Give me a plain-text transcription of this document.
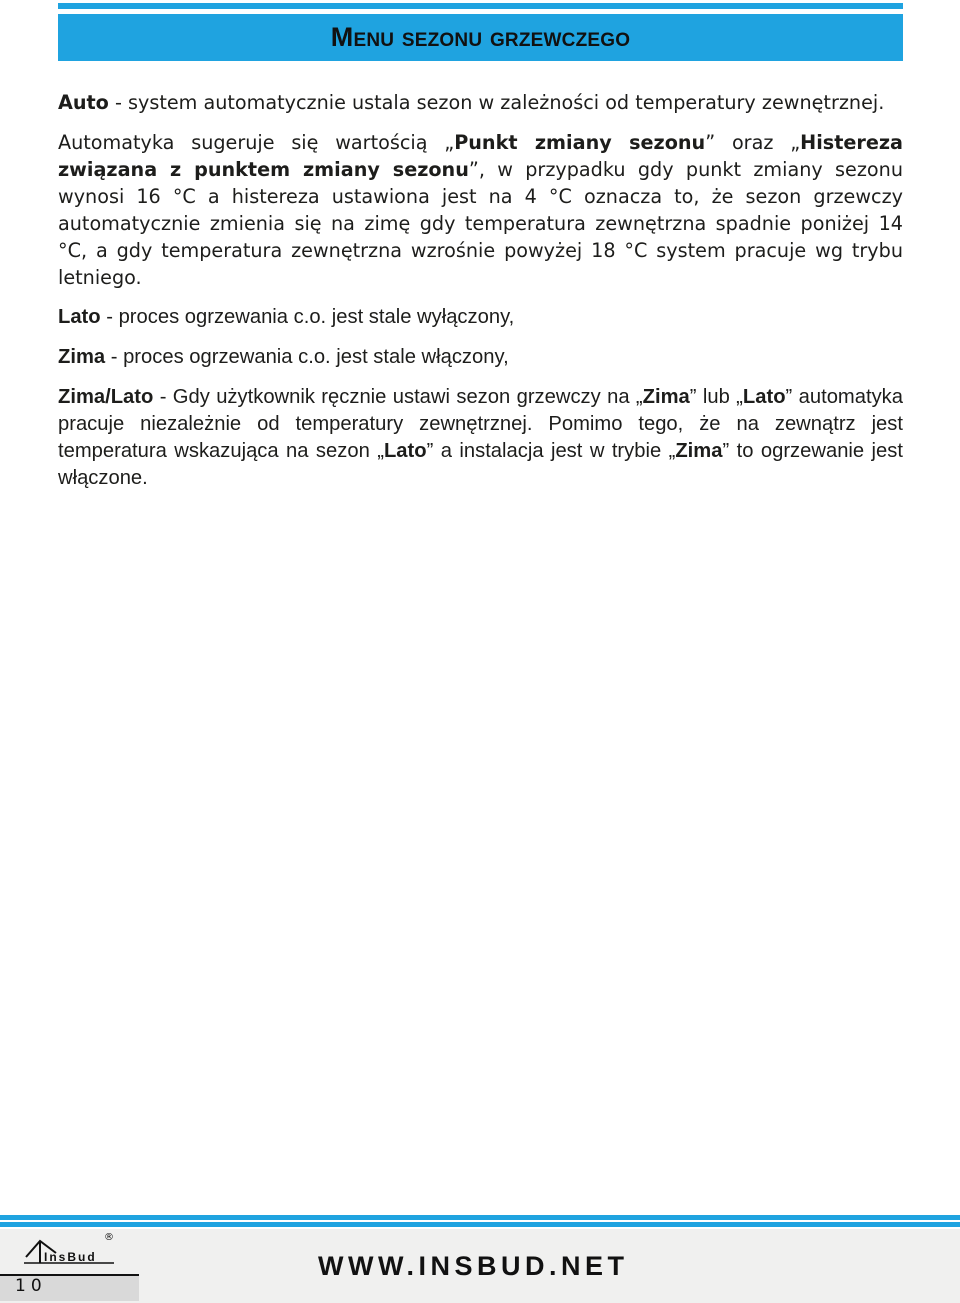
Menu sezonu grzewczego

Auto - system automatycznie ustala sezon w zależności od temperatury zewnętrznej.

Automatyka sugeruje się wartością „Punkt zmiany sezonu” oraz „Histereza związana z punktem zmiany sezonu”, w przypadku gdy punkt zmiany sezonu wynosi 16 °C a histereza ustawiona jest na 4 °C oznacza to, że sezon grzewczy automatycznie zmienia się na zimę gdy temperatura zewnętrzna spadnie poniżej 14 °C, a gdy temperatura zewnętrzna wzrośnie powyżej 18 °C system pracuje wg trybu letniego.

Lato - proces ogrzewania c.o. jest stale wyłączony,

Zima - proces ogrzewania c.o. jest stale włączony,

Zima/Lato - Gdy użytkownik ręcznie ustawi sezon grzewczy na „Zima” lub „Lato” automatyka pracuje niezależnie od temperatury zewnętrznej. Pomimo tego, że na zewnątrz jest temperatura wskazująca na sezon „Lato” a instalacja jest w trybie „Zima” to ogrzewanie jest włączone.

InsBud
®
WWW.INSBUD.NET
10
